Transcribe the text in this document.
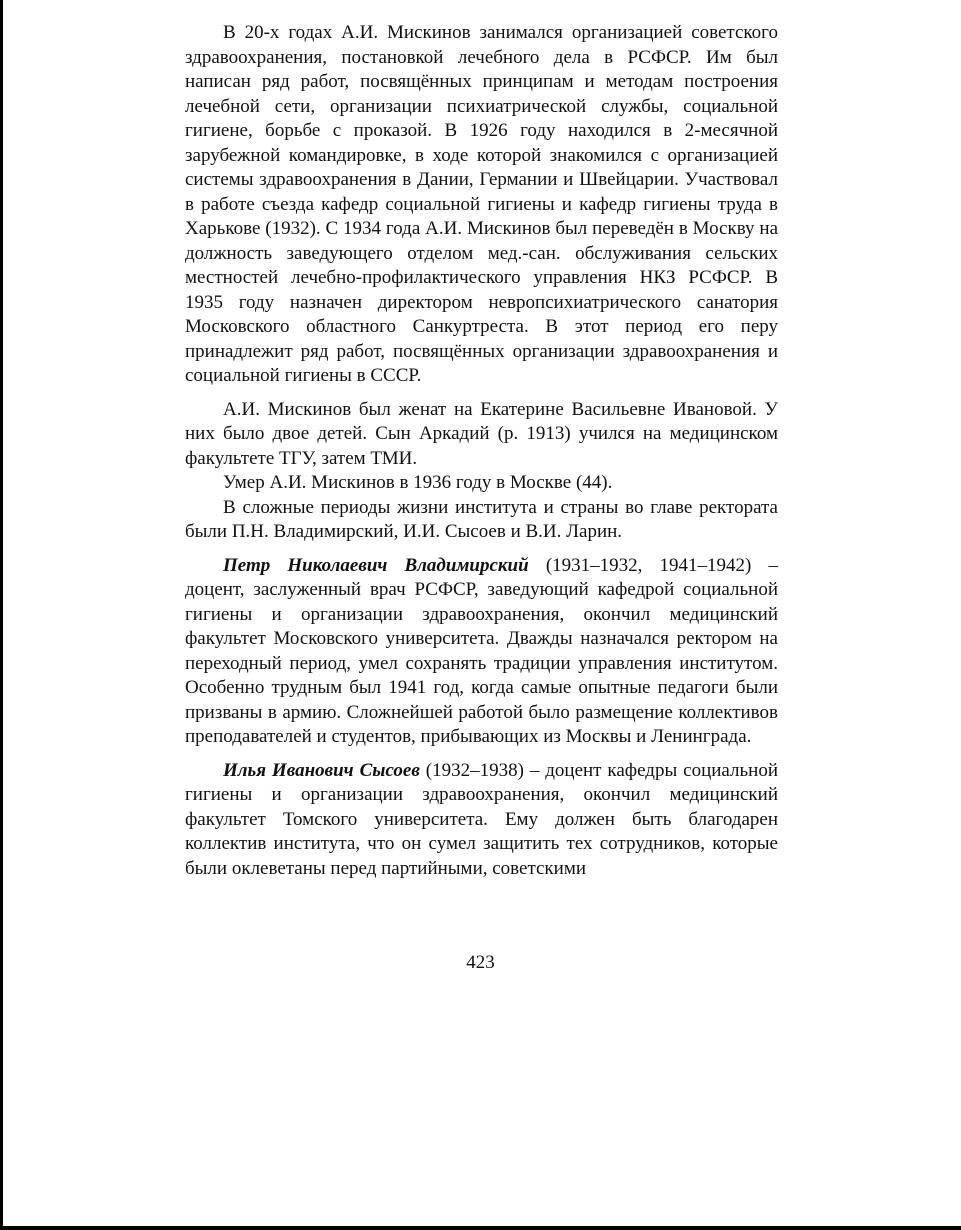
В 20-х годах А.И. Мискинов занимался организацией советского здравоохранения, постановкой лечебного дела в РСФСР. Им был написан ряд работ, посвящённых принципам и методам построения лечебной сети, организации психиатрической службы, социальной гигиене, борьбе с проказой. В 1926 году находился в 2-месячной зарубежной командировке, в ходе которой знакомился с организацией системы здравоохранения в Дании, Германии и Швейцарии. Участвовал в работе съезда кафедр социальной гигиены и кафедр гигиены труда в Харькове (1932). С 1934 года А.И. Мискинов был переведён в Москву на должность заведующего отделом мед.-сан. обслуживания сельских местностей лечебно-профилактического управления НКЗ РСФСР. В 1935 году назначен директором невропсихиатрического санатория Московского областного Санкуртреста. В этот период его перу принадлежит ряд работ, посвящённых организации здравоохранения и социальной гигиены в СССР.

А.И. Мискинов был женат на Екатерине Васильевне Ивановой. У них было двое детей. Сын Аркадий (р. 1913) учился на медицинском факультете ТГУ, затем ТМИ.

Умер А.И. Мискинов в 1936 году в Москве (44).

В сложные периоды жизни института и страны во главе ректората были П.Н. Владимирский, И.И. Сысоев и В.И. Ларин.

Петр Николаевич Владимирский (1931–1932, 1941–1942) – доцент, заслуженный врач РСФСР, заведующий кафедрой социальной гигиены и организации здравоохранения, окончил медицинский факультет Московского университета. Дважды назначался ректором на переходный период, умел сохранять традиции управления институтом. Особенно трудным был 1941 год, когда самые опытные педагоги были призваны в армию. Сложнейшей работой было размещение коллективов преподавателей и студентов, прибывающих из Москвы и Ленинграда.

Илья Иванович Сысоев (1932–1938) – доцент кафедры социальной гигиены и организации здравоохранения, окончил медицинский факультет Томского университета. Ему должен быть благодарен коллектив института, что он сумел защитить тех сотрудников, которые были оклеветаны перед партийными, советскими

423
